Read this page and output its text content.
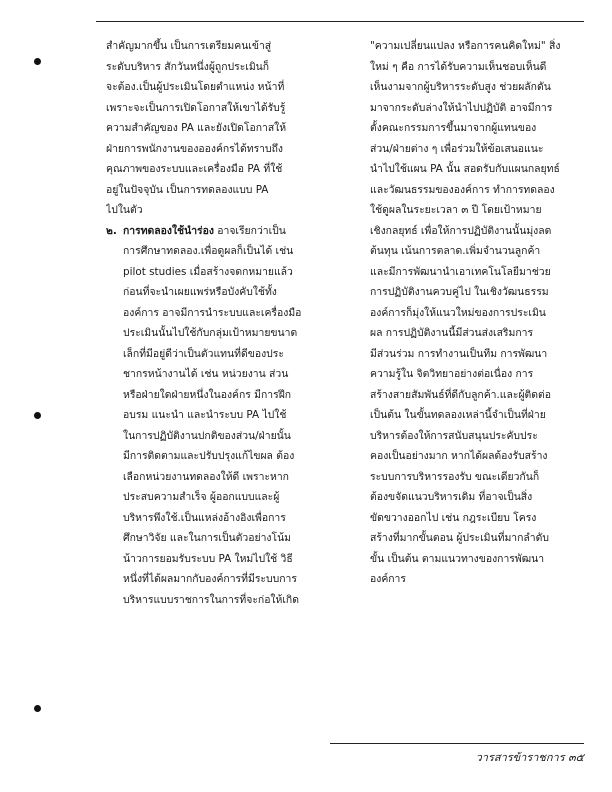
สำคัญมากขึ้น เป็นการเตรียมคนเข้าสู่
ระดับบริหาร สักวันหนึ่งผู้ถูกประเมินก็
จะต้อง.เป็นผู้ประเมินโดยตำแหน่ง หน้าที่
เพราะจะเป็นการเปิดโอกาสให้เขาได้รับรู้
ความสำคัญของ PA และยังเปิดโอกาสให้
ฝ่ายการพนักงานของอองค์กรได้ทราบถึง
คุณภาพของระบบและเครื่องมือ PA ที่ใช้
อยู่ในปัจจุบัน เป็นการทดลองแบบ PA
ไปในตัว
๒. การทดลองใช้นำร่อง อาจเรียกว่าเป็น
การศึกษาทดลอง.เพื่อดูผลก็เป็นได้ เช่น
pilot studies เมื่อสร้างจดกหมายแล้ว
ก่อนที่จะนำเผยแพร่หรือบังคับใช้ทั้ง
องค์การ อาจมีการนำระบบและเครื่องมือ
ประเมินนั้นไปใช้กับกลุ่มเป้าหมายขนาด
เล็กที่มีอยู่ดีว่าเป็นตัวแทนที่ดีของประ
ชากรหน้างานได้ เช่น หน่วยงาน ส่วน
หรือฝ่ายใดฝ่ายหนึ่งในองค์กร มีการฝึก
อบรม แนะนำ และนำระบบ PA ไปใช้
ในการปฏิบัติงานปกติของส่วน/ฝ่ายนั้น
มีการติดตามและปรับปรุงแก้ไขผล ต้อง
เลือกหน่วยงานทดลองให้ดี เพราะหาก
ประสบความสำเร็จ ผู้ออกแบบและผู้
บริหารพึงใช้.เป็นแหล่งอ้างอิงเพื่อการ
ศึกษาวิจัย และในการเป็นตัวอย่างโน้ม
น้าวการยอมรับระบบ PA ใหม่ไปใช้ วิธี
หนึ่งที่ได้ผลมากกับองค์การที่มีระบบการ
บริหารแบบราชการในการที่จะก่อให้เกิด
"ความเปลี่ยนแปลง หรือการคนคิดใหม่" สิ่ง
ใหม่ ๆ คือ การได้รับความเห็นชอบเห็นดี
เห็นงามจากผู้บริหารระดับสูง ช่วยผลักดัน
มาจากระดับล่างให้นำไปปฏิบัติ อาจมีการ
ตั้งคณะกรรมการขึ้นมาจากผู้แทนของ
ส่วน/ฝ่ายต่าง ๆ เพื่อร่วมให้ข้อเสนอแนะ
นำไปใช้แผน PA นั้น สอดรับกับแผนกลยุทธ์
และวัฒนธรรมขององค์การ ทำการทดลอง
ใช้ดูผลในระยะเวลา ๓ ปี โดยเป้าหมาย
เชิงกลยุทธ์ เพื่อให้การปฏิบัติงานนั้นมุ่งลด
ต้นทุน เน้นการตลาด.เพิ่มจำนวนลูกค้า
และมีการพัฒนานำเอาเทคโนโลยีมาช่วย
การปฏิบัติงานควบคู่ไป ในเชิงวัฒนธรรม
องค์การก็มุ่งให้แนวใหม่ของการประเมิน
ผล การปฏิบัติงานนี้มีส่วนส่งเสริมการ
มีส่วนร่วม การทำงานเป็นทีม การพัฒนา
ความรู้ใน จิตวิทยาอย่างต่อเนื่อง การ
สร้างสายสัมพันธ์ที่ดีกับลูกค้า.และผู้ติดต่อ
เป็นต้น ในขั้นทดลองเหล่านี้จำเป็นที่ฝ่าย
บริหารต้องให้การสนับสนุนประคับประ
คองเป็นอย่างมาก หากได้ผลต้องรับสร้าง
ระบบการบริหารรองรับ ขณะเดียวกันก็
ต้องขจัดแนวบริหารเดิม ที่อาจเป็นสิ่ง
ขัดขวางออกไป เช่น กฎระเบียบ โครง
สร้างที่มากขั้นตอน ผู้ประเมินที่มากลำดับ
ขั้น เป็นต้น ตามแนวทางของการพัฒนา
องค์การ
วารสารข้าราชการ ๓๕
